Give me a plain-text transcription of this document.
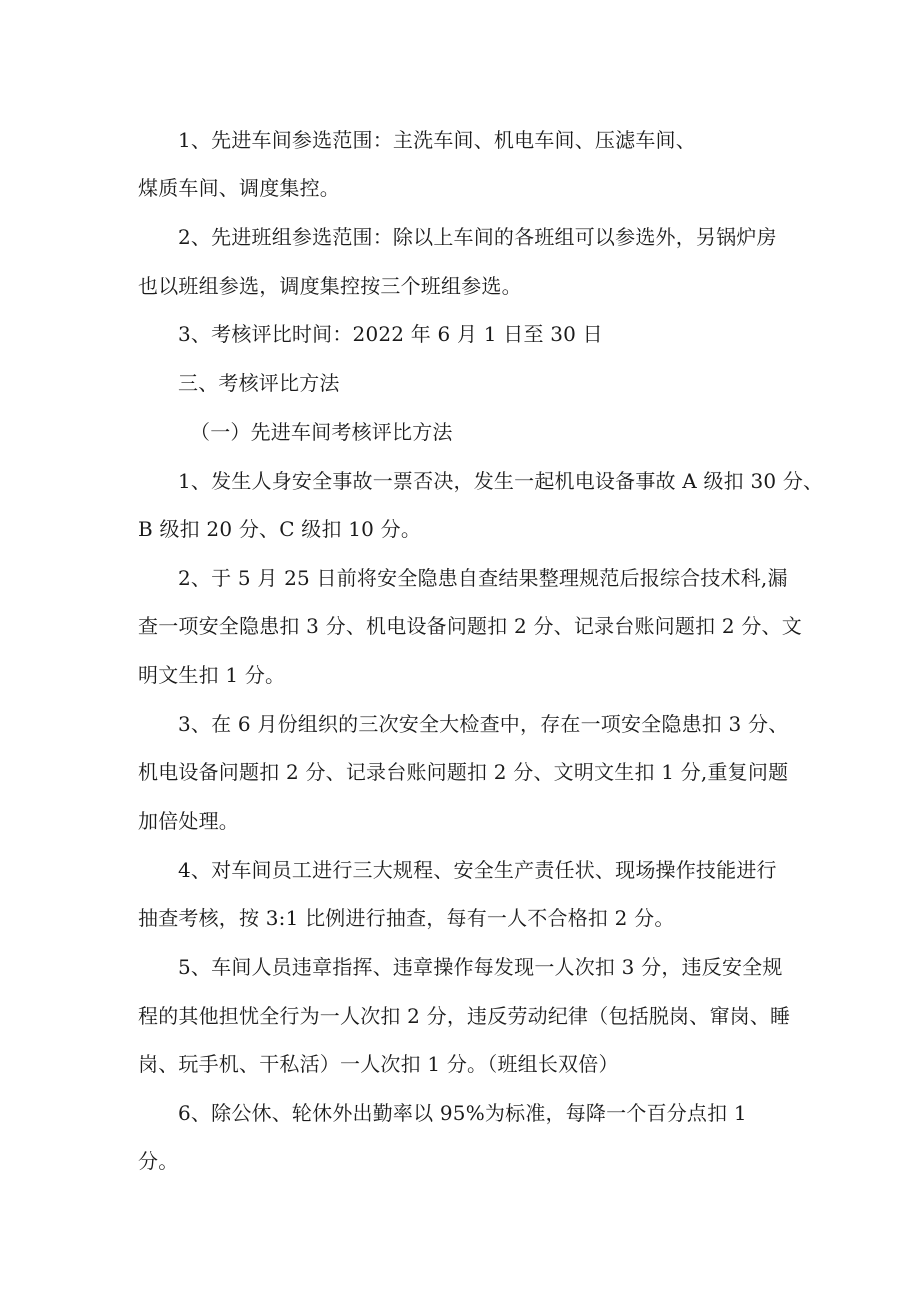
1、先进车间参选范围：主洗车间、机电车间、压滤车间、
煤质车间、调度集控。
2、先进班组参选范围：除以上车间的各班组可以参选外，另锅炉房
也以班组参选，调度集控按三个班组参选。
3、考核评比时间：2022 年 6 月 1 日至 30 日
三、考核评比方法
（一）先进车间考核评比方法
1、发生人身安全事故一票否决，发生一起机电设备事故 A 级扣 30 分、
B 级扣 20 分、C 级扣 10 分。
2、于 5 月 25 日前将安全隐患自查结果整理规范后报综合技术科,漏
查一项安全隐患扣 3 分、机电设备问题扣 2 分、记录台账问题扣 2 分、文
明文生扣 1 分。
3、在 6 月份组织的三次安全大检查中，存在一项安全隐患扣 3 分、
机电设备问题扣 2 分、记录台账问题扣 2 分、文明文生扣 1 分,重复问题
加倍处理。
4、对车间员工进行三大规程、安全生产责任状、现场操作技能进行
抽查考核，按 3:1 比例进行抽查，每有一人不合格扣 2 分。
5、车间人员违章指挥、违章操作每发现一人次扣 3 分，违反安全规
程的其他担忧全行为一人次扣 2 分，违反劳动纪律（包括脱岗、窜岗、睡
岗、玩手机、干私活）一人次扣 1 分。（班组长双倍）
6、除公休、轮休外出勤率以 95%为标准，每降一个百分点扣 1
分。
